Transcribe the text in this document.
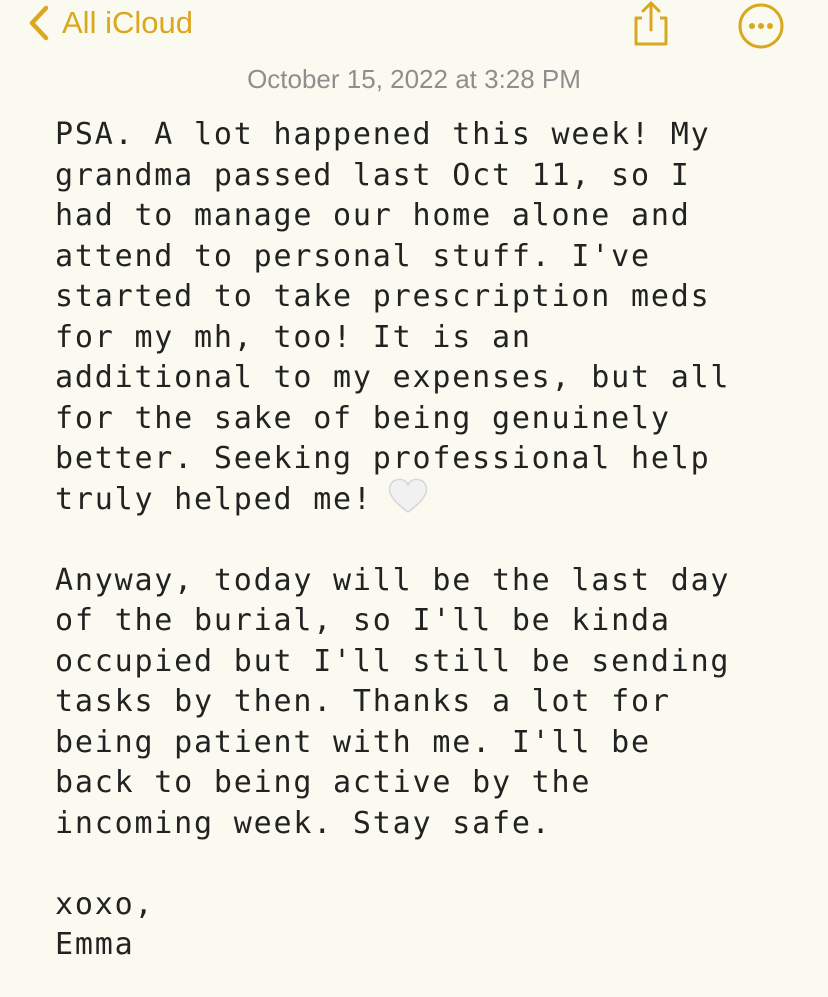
All iCloud
October 15, 2022 at 3:28 PM
PSA. A lot happened this week! My
grandma passed last Oct 11, so I
had to manage our home alone and
attend to personal stuff. I've
started to take prescription meds
for my mh, too! It is an
additional to my expenses, but all
for the sake of being genuinely
better. Seeking professional help
truly helped me!
Anyway, today will be the last day
of the burial, so I'll be kinda
occupied but I'll still be sending
tasks by then. Thanks a lot for
being patient with me. I'll be
back to being active by the
incoming week. Stay safe.
xoxo,
Emma
